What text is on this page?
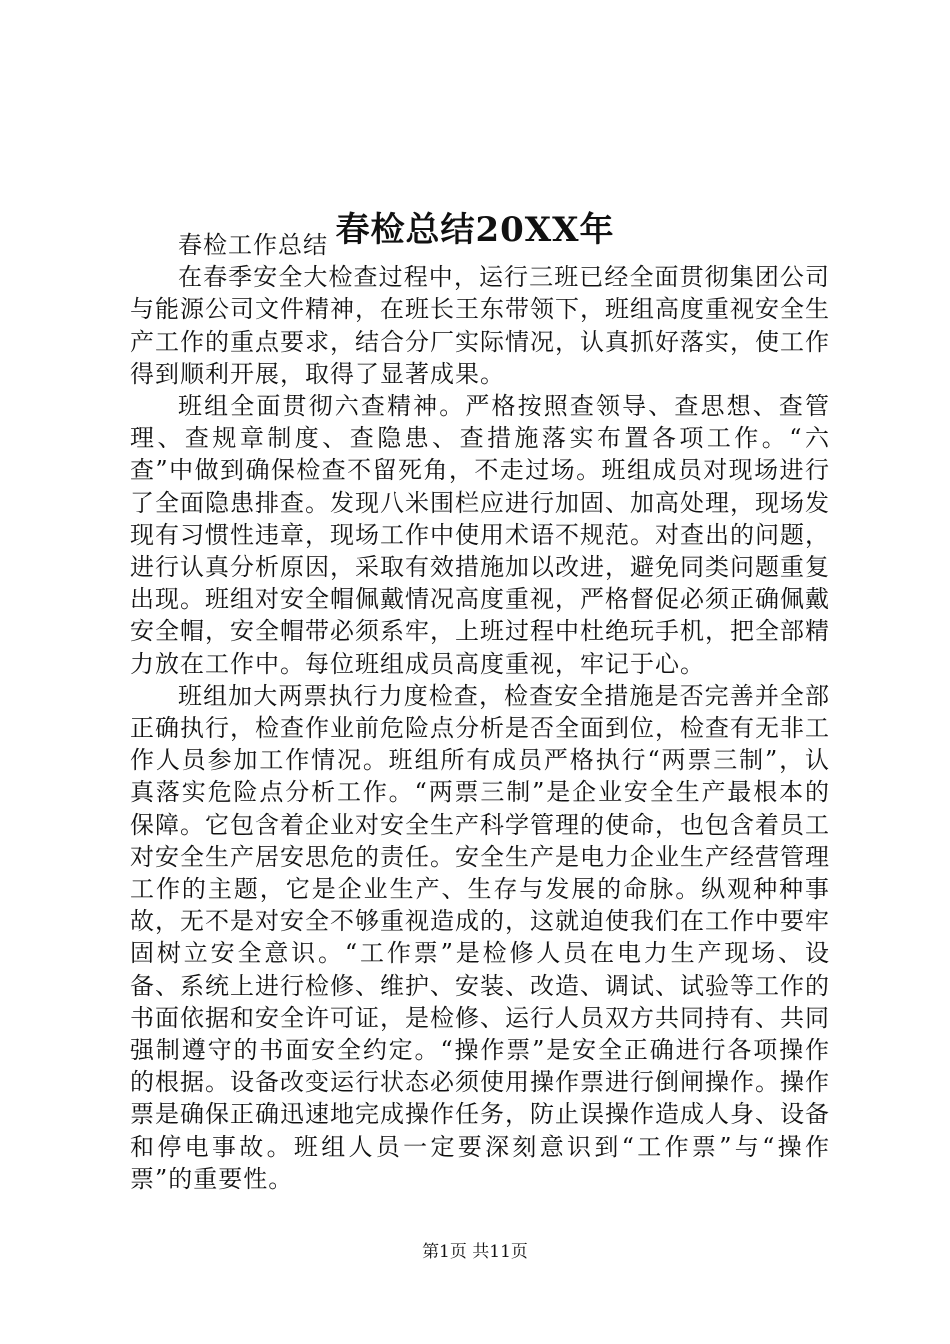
春检总结20XX年

春检工作总结

在春季安全大检查过程中，运行三班已经全面贯彻集团公司与能源公司文件精神，在班长王东带领下，班组高度重视安全生产工作的重点要求，结合分厂实际情况，认真抓好落实，使工作得到顺利开展，取得了显著成果。

班组全面贯彻六查精神。严格按照查领导、查思想、查管理、查规章制度、查隐患、查措施落实布置各项工作。“六查”中做到确保检查不留死角，不走过场。班组成员对现场进行了全面隐患排查。发现八米围栏应进行加固、加高处理，现场发现有习惯性违章，现场工作中使用术语不规范。对查出的问题，进行认真分析原因，采取有效措施加以改进，避免同类问题重复出现。班组对安全帽佩戴情况高度重视，严格督促必须正确佩戴安全帽，安全帽带必须系牢，上班过程中杜绝玩手机，把全部精力放在工作中。每位班组成员高度重视，牢记于心。

班组加大两票执行力度检查，检查安全措施是否完善并全部正确执行，检查作业前危险点分析是否全面到位，检查有无非工作人员参加工作情况。班组所有成员严格执行“两票三制”，认真落实危险点分析工作。“两票三制”是企业安全生产最根本的保障。它包含着企业对安全生产科学管理的使命，也包含着员工对安全生产居安思危的责任。安全生产是电力企业生产经营管理工作的主题，它是企业生产、生存与发展的命脉。纵观种种事故，无不是对安全不够重视造成的，这就迫使我们在工作中要牢固树立安全意识。“工作票”是检修人员在电力生产现场、设备、系统上进行检修、维护、安装、改造、调试、试验等工作的书面依据和安全许可证，是检修、运行人员双方共同持有、共同强制遵守的书面安全约定。“操作票”是安全正确进行各项操作的根据。设备改变运行状态必须使用操作票进行倒闸操作。操作票是确保正确迅速地完成操作任务，防止误操作造成人身、设备和停电事故。班组人员一定要深刻意识到“工作票”与“操作票”的重要性。

第1页 共11页
